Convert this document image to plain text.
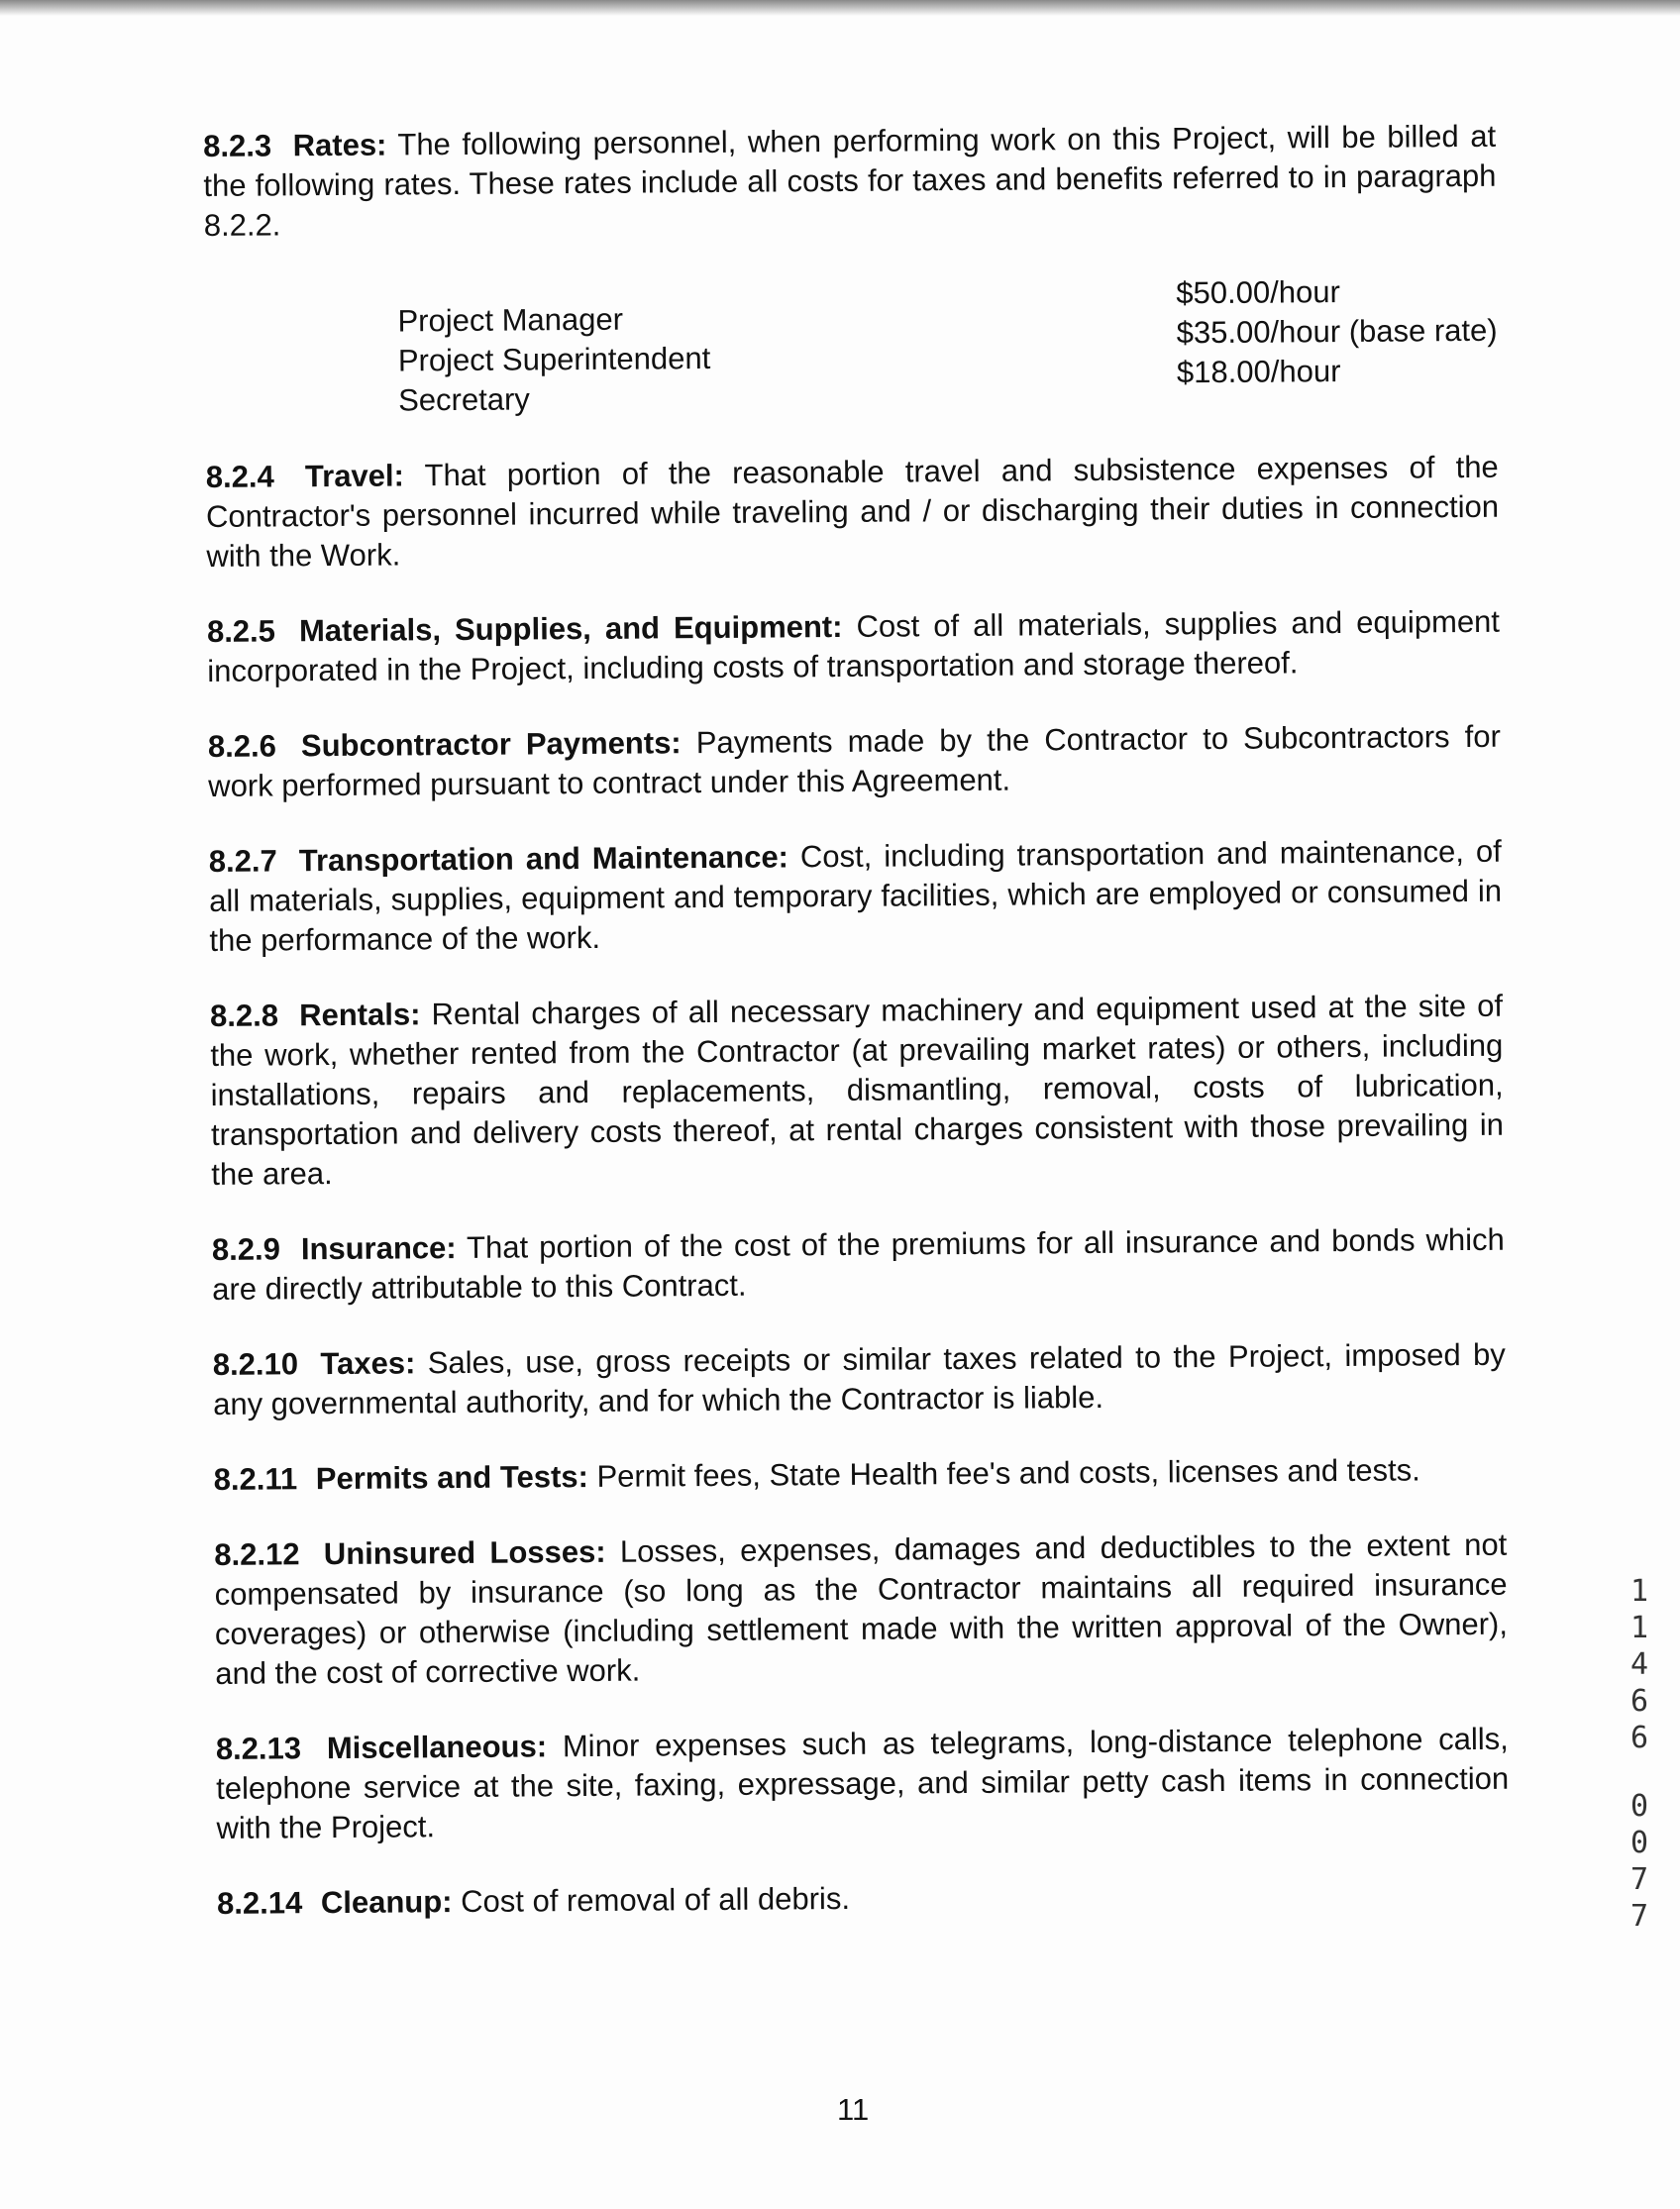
8.2.3 Rates: The following personnel, when performing work on this Project, will be billed at the following rates. These rates include all costs for taxes and benefits referred to in paragraph 8.2.2.

Project Manager
Project Superintendent
Secretary
$50.00/hour
$35.00/hour (base rate)
$18.00/hour

8.2.4 Travel: That portion of the reasonable travel and subsistence expenses of the Contractor's personnel incurred while traveling and / or discharging their duties in connection with the Work.

8.2.5 Materials, Supplies, and Equipment: Cost of all materials, supplies and equipment incorporated in the Project, including costs of transportation and storage thereof.

8.2.6 Subcontractor Payments: Payments made by the Contractor to Subcontractors for work performed pursuant to contract under this Agreement.

8.2.7 Transportation and Maintenance: Cost, including transportation and maintenance, of all materials, supplies, equipment and temporary facilities, which are employed or consumed in the performance of the work.

8.2.8 Rentals: Rental charges of all necessary machinery and equipment used at the site of the work, whether rented from the Contractor (at prevailing market rates) or others, including installations, repairs and replacements, dismantling, removal, costs of lubrication, transportation and delivery costs thereof, at rental charges consistent with those prevailing in the area.

8.2.9 Insurance: That portion of the cost of the premiums for all insurance and bonds which are directly attributable to this Contract.

8.2.10 Taxes: Sales, use, gross receipts or similar taxes related to the Project, imposed by any governmental authority, and for which the Contractor is liable.

8.2.11 Permits and Tests: Permit fees, State Health fee's and costs, licenses and tests.

8.2.12 Uninsured Losses: Losses, expenses, damages and deductibles to the extent not compensated by insurance (so long as the Contractor maintains all required insurance coverages) or otherwise (including settlement made with the written approval of the Owner), and the cost of corrective work.

8.2.13 Miscellaneous: Minor expenses such as telegrams, long-distance telephone calls, telephone service at the site, faxing, expressage, and similar petty cash items in connection with the Project.

8.2.14 Cleanup: Cost of removal of all debris.

11
1
1
4
6
6
0
0
7
7
